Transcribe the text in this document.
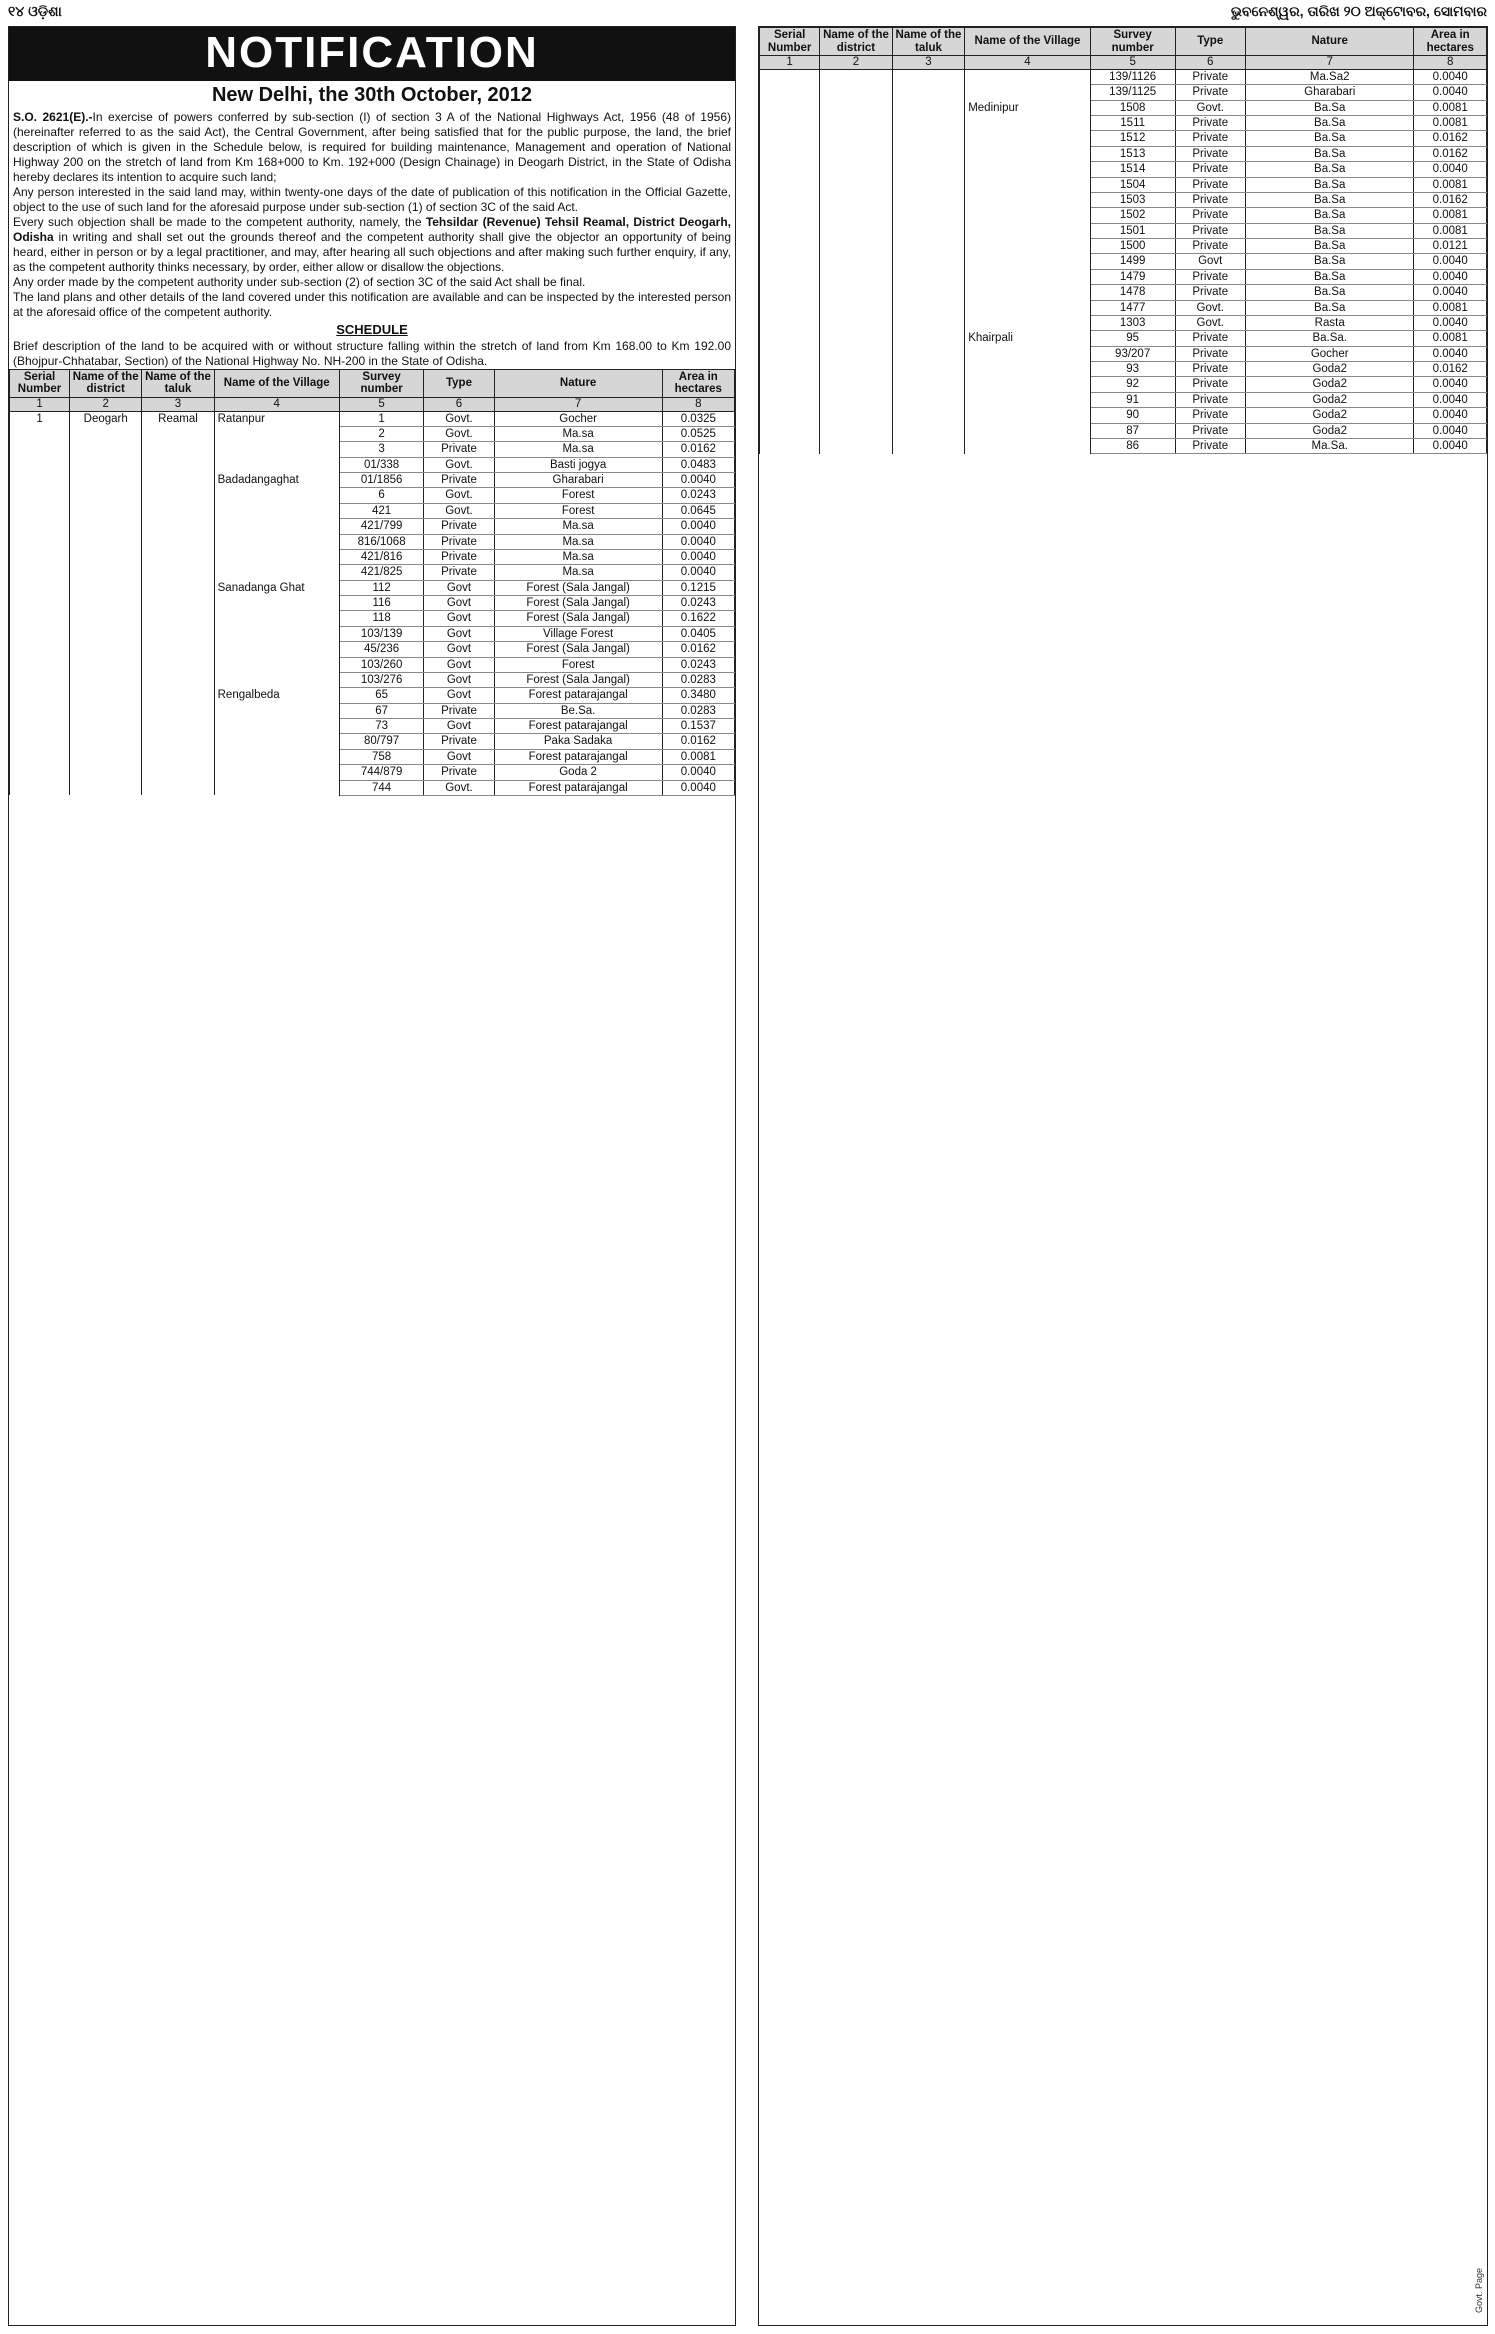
୧୪ ଓଡ଼ିଶା	ଭୁବନେଶ୍ୱର, ତାରିଖ ୨୦ ଅକ୍ଟୋବର, ସୋମବାର
NOTIFICATION
New Delhi, the 30th October, 2012

S.O. 2621(E).-In exercise of powers conferred by sub-section (I) of section 3 A of the National Highways Act, 1956 (48 of 1956) (hereinafter referred to as the said Act), the Central Government, after being satisfied that for the public purpose, the land, the brief description of which is given in the Schedule below, is required for building maintenance, Management and operation of National Highway 200 on the stretch of land from Km 168+000 to Km. 192+000 (Design Chainage) in Deogarh District, in the State of Odisha hereby declares its intention to acquire such land;

Any person interested in the said land may, within twenty-one days of the date of publication of this notification in the Official Gazette, object to the use of such land for the aforesaid purpose under sub-section (1) of section 3C of the said Act.

Every such objection shall be made to the competent authority, namely, the Tehsildar (Revenue) Tehsil Reamal, District Deogarh, Odisha in writing and shall set out the grounds thereof and the competent authority shall give the objector an opportunity of being heard, either in person or by a legal practitioner, and may, after hearing all such objections and after making such further enquiry, if any, as the competent authority thinks necessary, by order, either allow or disallow the objections.

Any order made by the competent authority under sub-section (2) of section 3C of the said Act shall be final.

The land plans and other details of the land covered under this notification are available and can be inspected by the interested person at the aforesaid office of the competent authority.

SCHEDULE

Brief description of the land to be acquired with or without structure falling within the stretch of land from Km 168.00 to Km 192.00 (Bhojpur-Chhatabar, Section) of the National Highway No. NH-200 in the State of Odisha.

Serial Number	Name of the district	Name of the taluk	Name of the Village	Survey number	Type	Nature	Area in hectares
1	2	3	4	5	6	7	8
1	Deogarh	Reamal	Ratanpur	1	Govt.	Gocher	0.0325
				2	Govt.	Ma.sa	0.0525
				3	Private	Ma.sa	0.0162
				01/338	Govt.	Basti jogya	0.0483
			Badadangaghat	01/1856	Private	Gharabari	0.0040
				6	Govt.	Forest	0.0243
				421	Govt.	Forest	0.0645
				421/799	Private	Ma.sa	0.0040
				816/1068	Private	Ma.sa	0.0040
				421/816	Private	Ma.sa	0.0040
				421/825	Private	Ma.sa	0.0040
			Sanadanga Ghat	112	Govt	Forest (Sala Jangal)	0.1215
				116	Govt	Forest (Sala Jangal)	0.0243
				118	Govt	Forest (Sala Jangal)	0.1622
				103/139	Govt	Village Forest	0.0405
				45/236	Govt	Forest (Sala Jangal)	0.0162
				103/260	Govt	Forest	0.0243
				103/276	Govt	Forest (Sala Jangal)	0.0283
			Rengalbeda	65	Govt	Forest patarajangal	0.3480
				67	Private	Be.Sa.	0.0283
				73	Govt	Forest patarajangal	0.1537
				80/797	Private	Paka Sadaka	0.0162
				758	Govt	Forest patarajangal	0.0081
				744/879	Private	Goda 2	0.0040
				744	Govt.	Forest patarajangal	0.0040
Serial Number	Name of the district	Name of the taluk	Name of the Village	Survey number	Type	Nature	Area in hectares
1	2	3	4	5	6	7	8
				139/1126	Private	Ma.Sa2	0.0040
				139/1125	Private	Gharabari	0.0040
			Medinipur	1508	Govt.	Ba.Sa	0.0081
				1511	Private	Ba.Sa	0.0081
				1512	Private	Ba.Sa	0.0162
				1513	Private	Ba.Sa	0.0162
				1514	Private	Ba.Sa	0.0040
				1504	Private	Ba.Sa	0.0081
				1503	Private	Ba.Sa	0.0162
				1502	Private	Ba.Sa	0.0081
				1501	Private	Ba.Sa	0.0081
				1500	Private	Ba.Sa	0.0121
				1499	Govt	Ba.Sa	0.0040
				1479	Private	Ba.Sa	0.0040
				1478	Private	Ba.Sa	0.0040
				1477	Govt.	Ba.Sa	0.0081
				1303	Govt.	Rasta	0.0040
			Khairpali	95	Private	Ba.Sa.	0.0081
				93/207	Private	Gocher	0.0040
				93	Private	Goda2	0.0162
				92	Private	Goda2	0.0040
				91	Private	Goda2	0.0040
				90	Private	Goda2	0.0040
				87	Private	Goda2	0.0040
				86	Private	Ma.Sa.	0.0040
Govt. Page
